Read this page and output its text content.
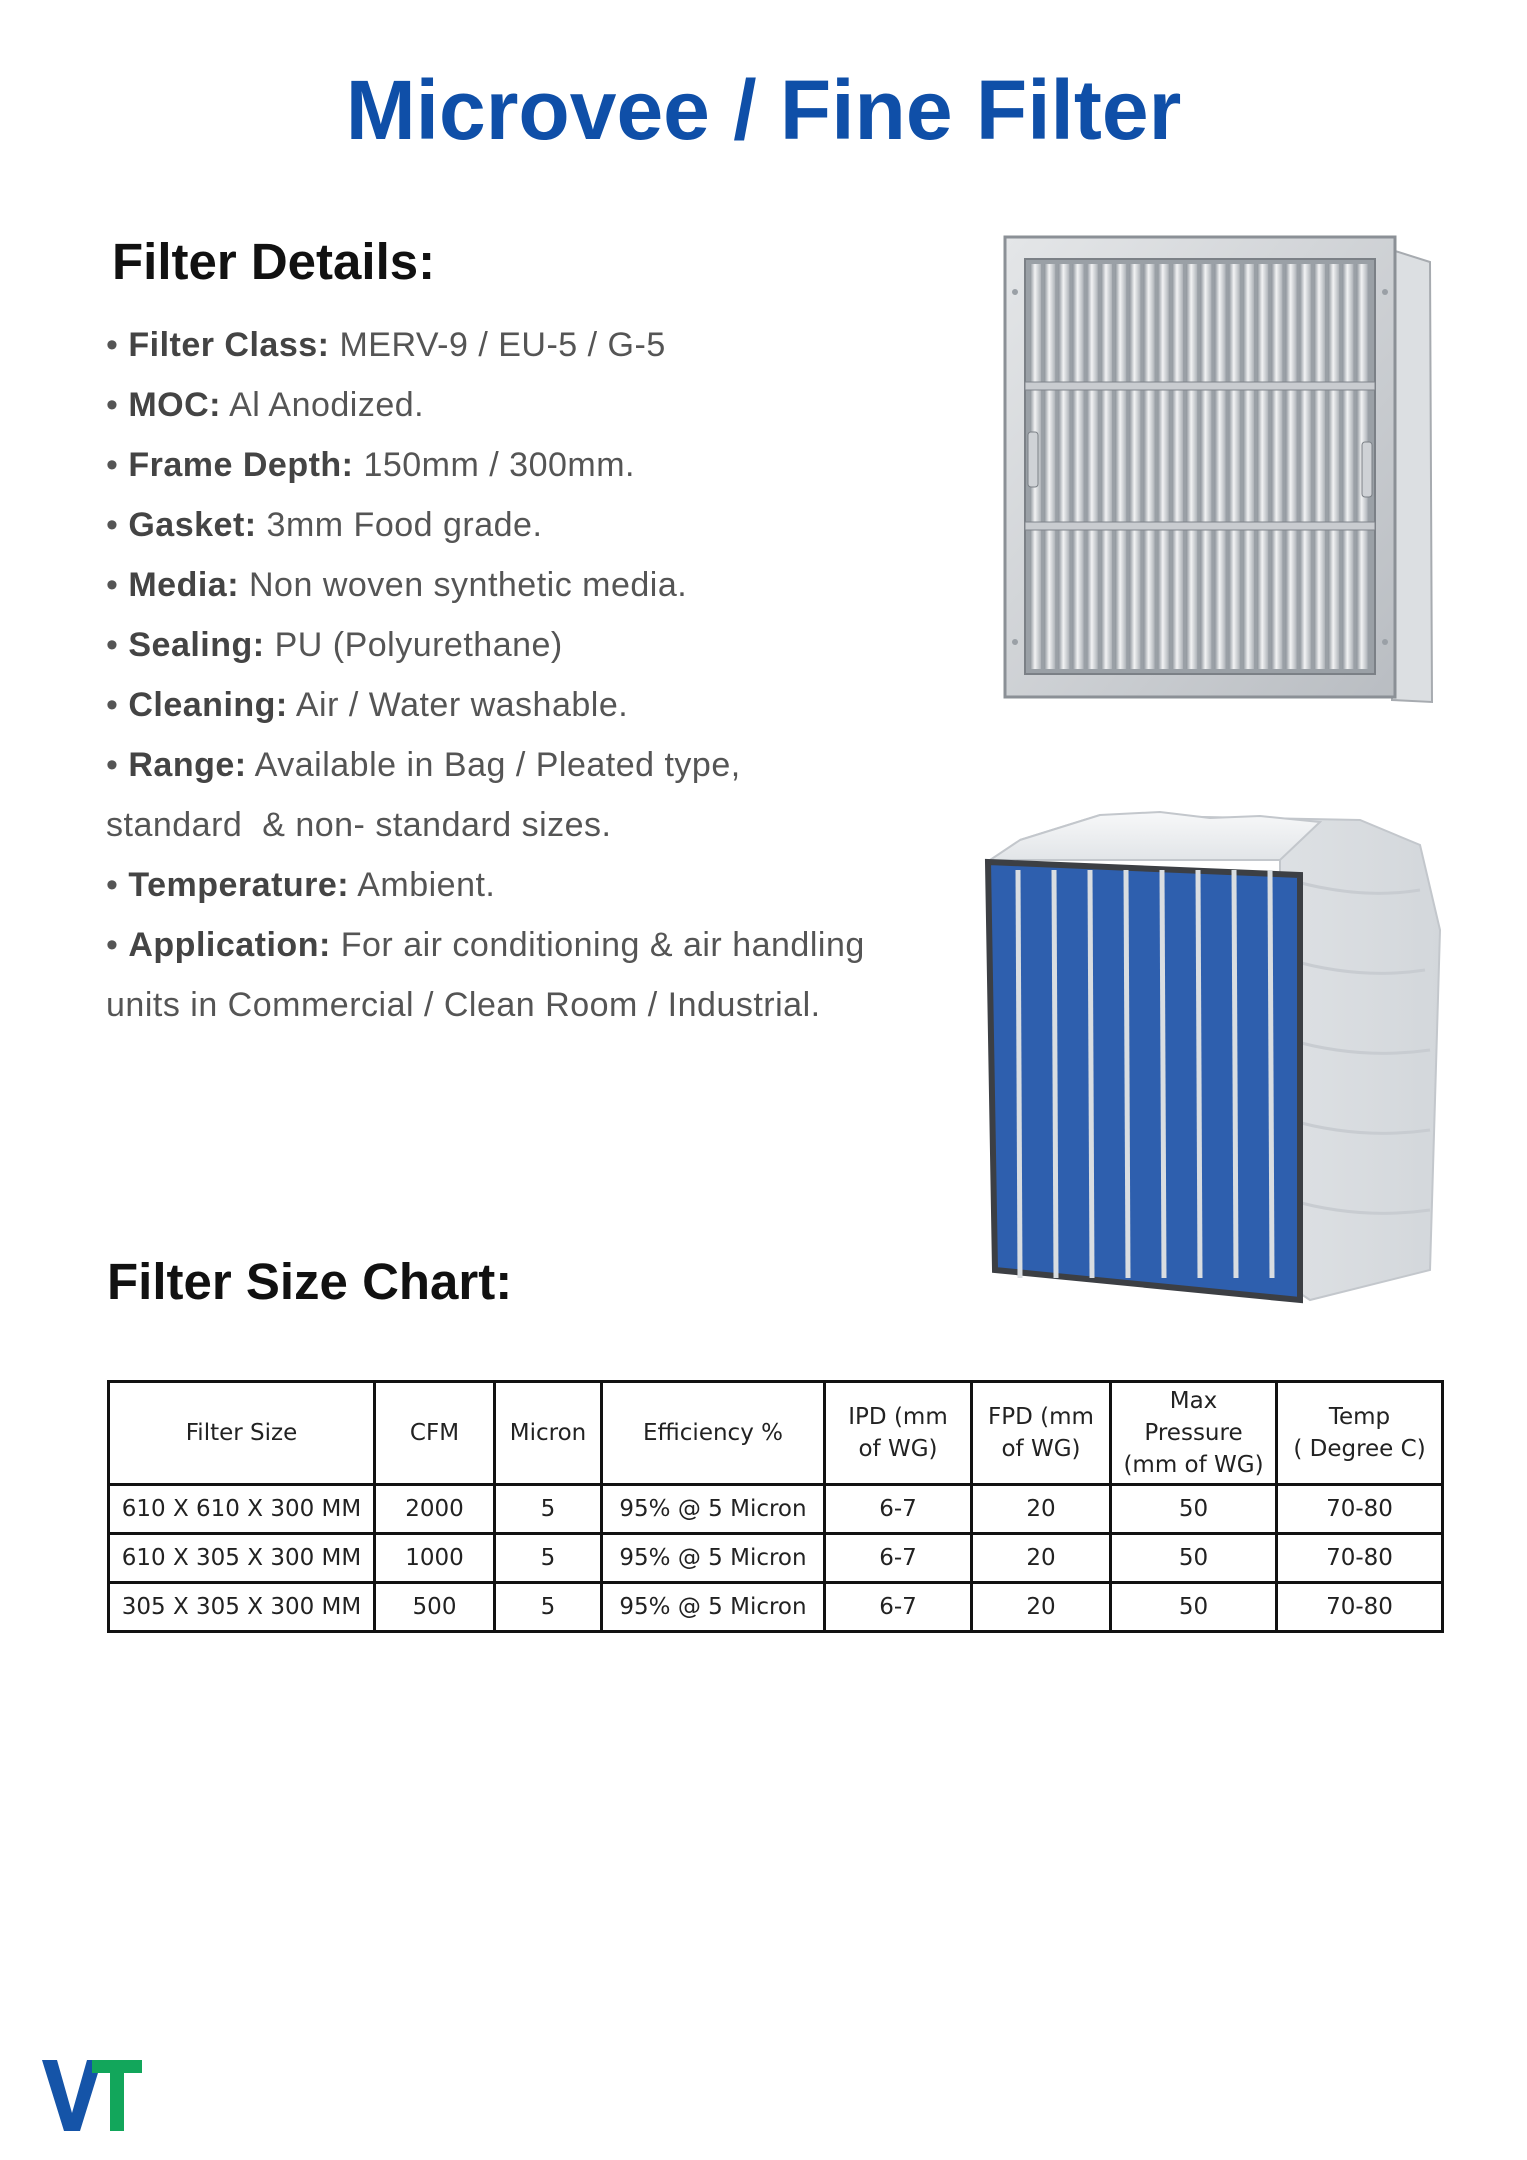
Microvee / Fine Filter
Filter Details:
• Filter Class: MERV-9 / EU-5 / G-5
• MOC: Al Anodized.
• Frame Depth: 150mm / 300mm.
• Gasket: 3mm Food grade.
• Media: Non woven synthetic media.
• Sealing: PU (Polyurethane)
• Cleaning: Air / Water washable.
• Range: Available in Bag / Pleated type,
standard  & non- standard sizes.
• Temperature: Ambient.
• Application: For air conditioning & air handling
units in Commercial / Clean Room / Industrial.
Filter Size Chart:
Filter Size	CFM	Micron	Efficiency %	IPD (mm
of WG)	FPD (mm
of WG)	Max
Pressure
(mm of WG)	Temp
( Degree C)
610 X 610 X 300 MM	2000	5	95% @ 5 Micron	6-7	20	50	70-80
610 X 305 X 300 MM	1000	5	95% @ 5 Micron	6-7	20	50	70-80
305 X 305 X 300 MM	500	5	95% @ 5 Micron	6-7	20	50	70-80
